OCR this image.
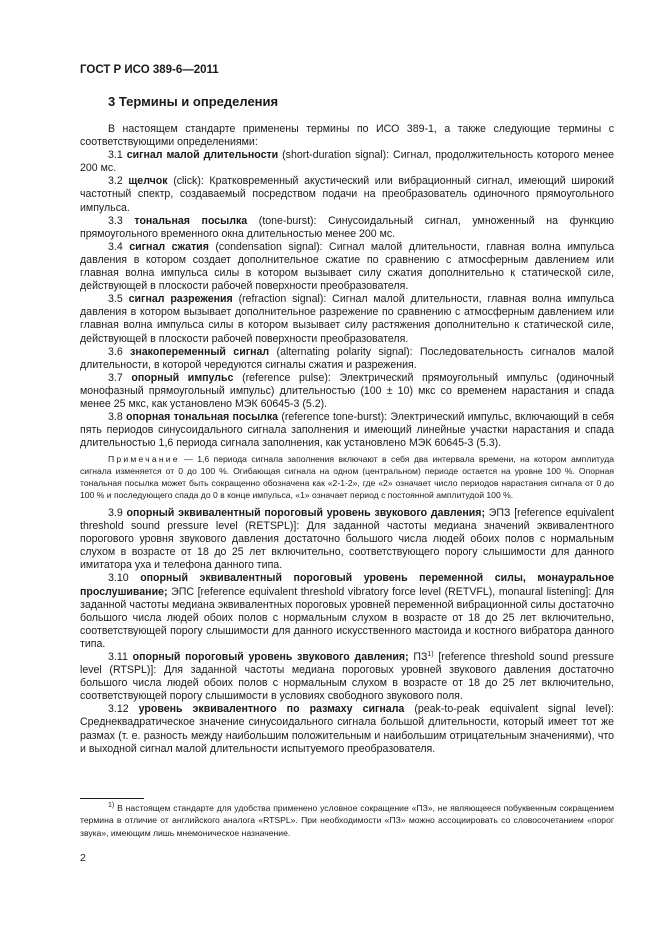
ГОСТ Р ИСО 389-6—2011
3 Термины и определения

В настоящем стандарте применены термины по ИСО 389-1, а также следующие термины с соответствующими определениями:

3.1 сигнал малой длительности (short-duration signal): Сигнал, продолжительность которого менее 200 мс.

3.2 щелчок (click): Кратковременный акустический или вибрационный сигнал, имеющий широкий частотный спектр, создаваемый посредством подачи на преобразователь одиночного прямоугольного импульса.

3.3 тональная посылка (tone-burst): Синусоидальный сигнал, умноженный на функцию прямоугольного временного окна длительностью менее 200 мс.

3.4 сигнал сжатия (condensation signal): Сигнал малой длительности, главная волна импульса давления в котором создает дополнительное сжатие по сравнению с атмосферным давлением или главная волна импульса силы в котором вызывает силу сжатия дополнительно к статической силе, действующей в плоскости рабочей поверхности преобразователя.

3.5 сигнал разрежения (refraction signal): Сигнал малой длительности, главная волна импульса давления в котором вызывает дополнительное разрежение по сравнению с атмосферным давлением или главная волна импульса силы в котором вызывает силу растяжения дополнительно к статической силе, действующей в плоскости рабочей поверхности преобразователя.

3.6 знакопеременный сигнал (alternating polarity signal): Последовательность сигналов малой длительности, в которой чередуются сигналы сжатия и разрежения.

3.7 опорный импульс (reference pulse): Электрический прямоугольный импульс (одиночный монофазный прямоугольный импульс) длительностью (100 ± 10) мкс со временем нарастания и спада менее 25 мкс, как установлено МЭК 60645-3 (5.2).

3.8 опорная тональная посылка (reference tone-burst): Электрический импульс, включающий в себя пять периодов синусоидального сигнала заполнения и имеющий линейные участки нарастания и спада длительностью 1,6 периода сигнала заполнения, как установлено МЭК 60645-3 (5.3).

Примечание — 1,6 периода сигнала заполнения включают в себя два интервала времени, на котором амплитуда сигнала изменяется от 0 до 100 %. Огибающая сигнала на одном (центральном) периоде остается на уровне 100 %. Опорная тональная посылка может быть сокращенно обозначена как «2-1-2», где «2» означает число периодов нарастания сигнала от 0 до 100 % и последующего спада до 0 в конце импульса, «1» означает период с постоянной амплитудой 100 %.

3.9 опорный эквивалентный пороговый уровень звукового давления; ЭПЗ [reference equivalent threshold sound pressure level (RETSPL)]: Для заданной частоты медиана значений эквивалентного порогового уровня звукового давления достаточно большого числа людей обоих полов с нормальным слухом в возрасте от 18 до 25 лет включительно, соответствующего порогу слышимости для данного имитатора уха и телефона данного типа.

3.10 опорный эквивалентный пороговый уровень переменной силы, монауральное прослушивание; ЭПС [reference equivalent threshold vibratory force level (RETVFL), monaural listening]: Для заданной частоты медиана эквивалентных пороговых уровней переменной вибрационной силы достаточно большого числа людей обоих полов с нормальным слухом в возрасте от 18 до 25 лет включительно, соответствующей порогу слышимости для данного искусственного мастоида и костного вибратора данного типа.

3.11 опорный пороговый уровень звукового давления; ПЗ$^{1)}$ [reference threshold sound pressure level (RTSPL)]: Для заданной частоты медиана пороговых уровней звукового давления достаточно большого числа людей обоих полов с нормальным слухом в возрасте от 18 до 25 лет включительно, соответствующей порогу слышимости в условиях свободного звукового поля.

3.12 уровень эквивалентного по размаху сигнала (peak-to-peak equivalent signal level): Среднеквадратическое значение синусоидального сигнала большой длительности, который имеет тот же размах (т. е. разность между наибольшим положительным и наибольшим отрицательным значениями), что и выходной сигнал малой длительности испытуемого преобразователя.

$^{1)}$ В настоящем стандарте для удобства применено условное сокращение «ПЗ», не являющееся побуквенным сокращением термина в отличие от английского аналога «RTSPL». При необходимости «ПЗ» можно ассоциировать со словосочетанием «порог звука», имеющим лишь мнемоническое назначение.

2
